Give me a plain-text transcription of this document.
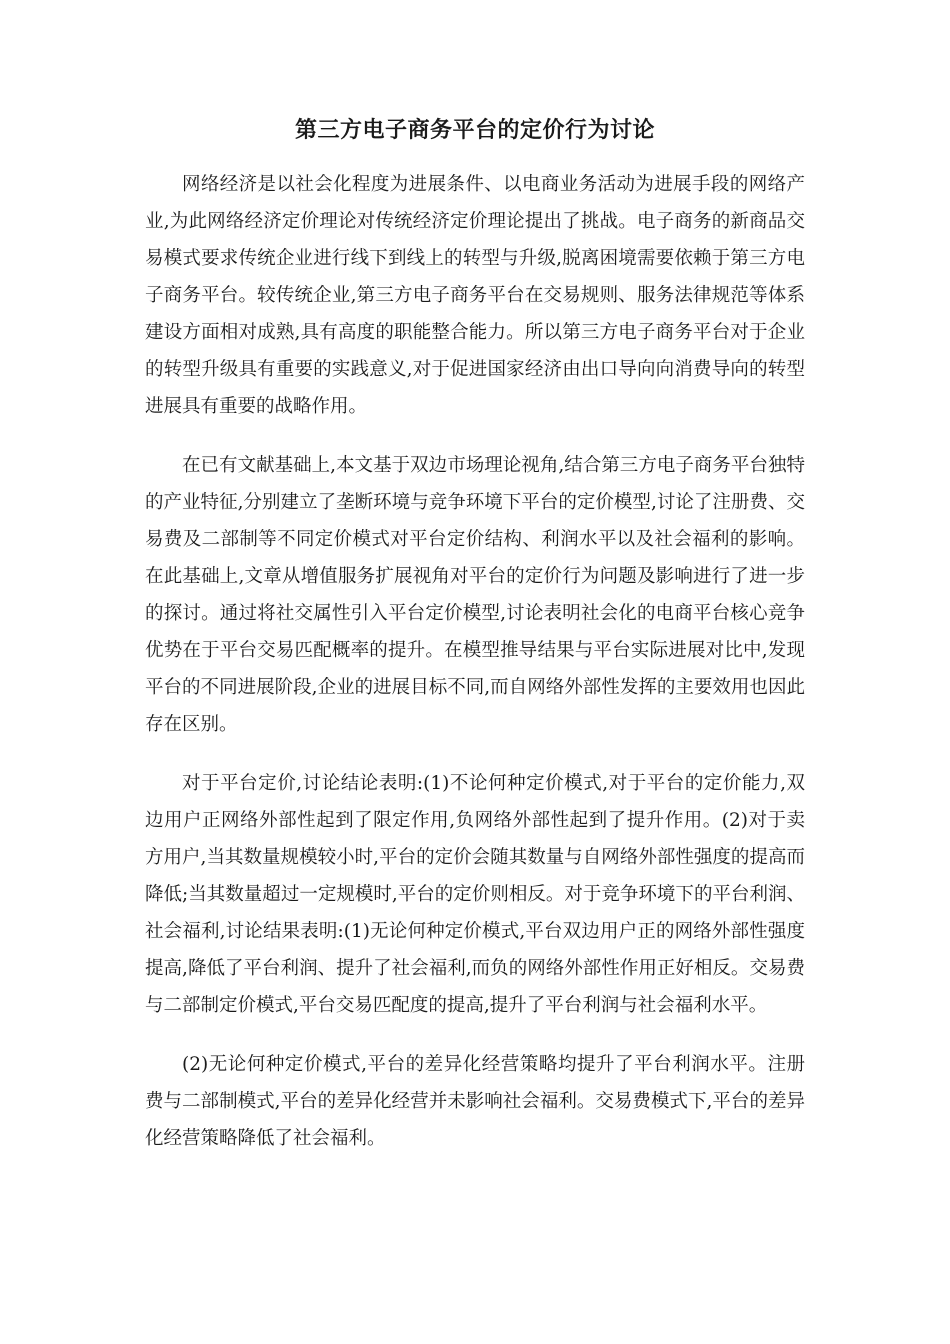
第三方电子商务平台的定价行为讨论

网络经济是以社会化程度为进展条件、以电商业务活动为进展手段的网络产业,为此网络经济定价理论对传统经济定价理论提出了挑战。电子商务的新商品交易模式要求传统企业进行线下到线上的转型与升级,脱离困境需要依赖于第三方电子商务平台。较传统企业,第三方电子商务平台在交易规则、服务法律规范等体系建设方面相对成熟,具有高度的职能整合能力。所以第三方电子商务平台对于企业的转型升级具有重要的实践意义,对于促进国家经济由出口导向向消费导向的转型进展具有重要的战略作用。

在已有文献基础上,本文基于双边市场理论视角,结合第三方电子商务平台独特的产业特征,分别建立了垄断环境与竞争环境下平台的定价模型,讨论了注册费、交易费及二部制等不同定价模式对平台定价结构、利润水平以及社会福利的影响。在此基础上,文章从增值服务扩展视角对平台的定价行为问题及影响进行了进一步的探讨。通过将社交属性引入平台定价模型,讨论表明社会化的电商平台核心竞争优势在于平台交易匹配概率的提升。在模型推导结果与平台实际进展对比中,发现平台的不同进展阶段,企业的进展目标不同,而自网络外部性发挥的主要效用也因此存在区别。

对于平台定价,讨论结论表明:(1)不论何种定价模式,对于平台的定价能力,双边用户正网络外部性起到了限定作用,负网络外部性起到了提升作用。(2)对于卖方用户,当其数量规模较小时,平台的定价会随其数量与自网络外部性强度的提高而降低;当其数量超过一定规模时,平台的定价则相反。对于竞争环境下的平台利润、社会福利,讨论结果表明:(1)无论何种定价模式,平台双边用户正的网络外部性强度提高,降低了平台利润、提升了社会福利,而负的网络外部性作用正好相反。交易费与二部制定价模式,平台交易匹配度的提高,提升了平台利润与社会福利水平。

(2)无论何种定价模式,平台的差异化经营策略均提升了平台利润水平。注册费与二部制模式,平台的差异化经营并未影响社会福利。交易费模式下,平台的差异化经营策略降低了社会福利。
